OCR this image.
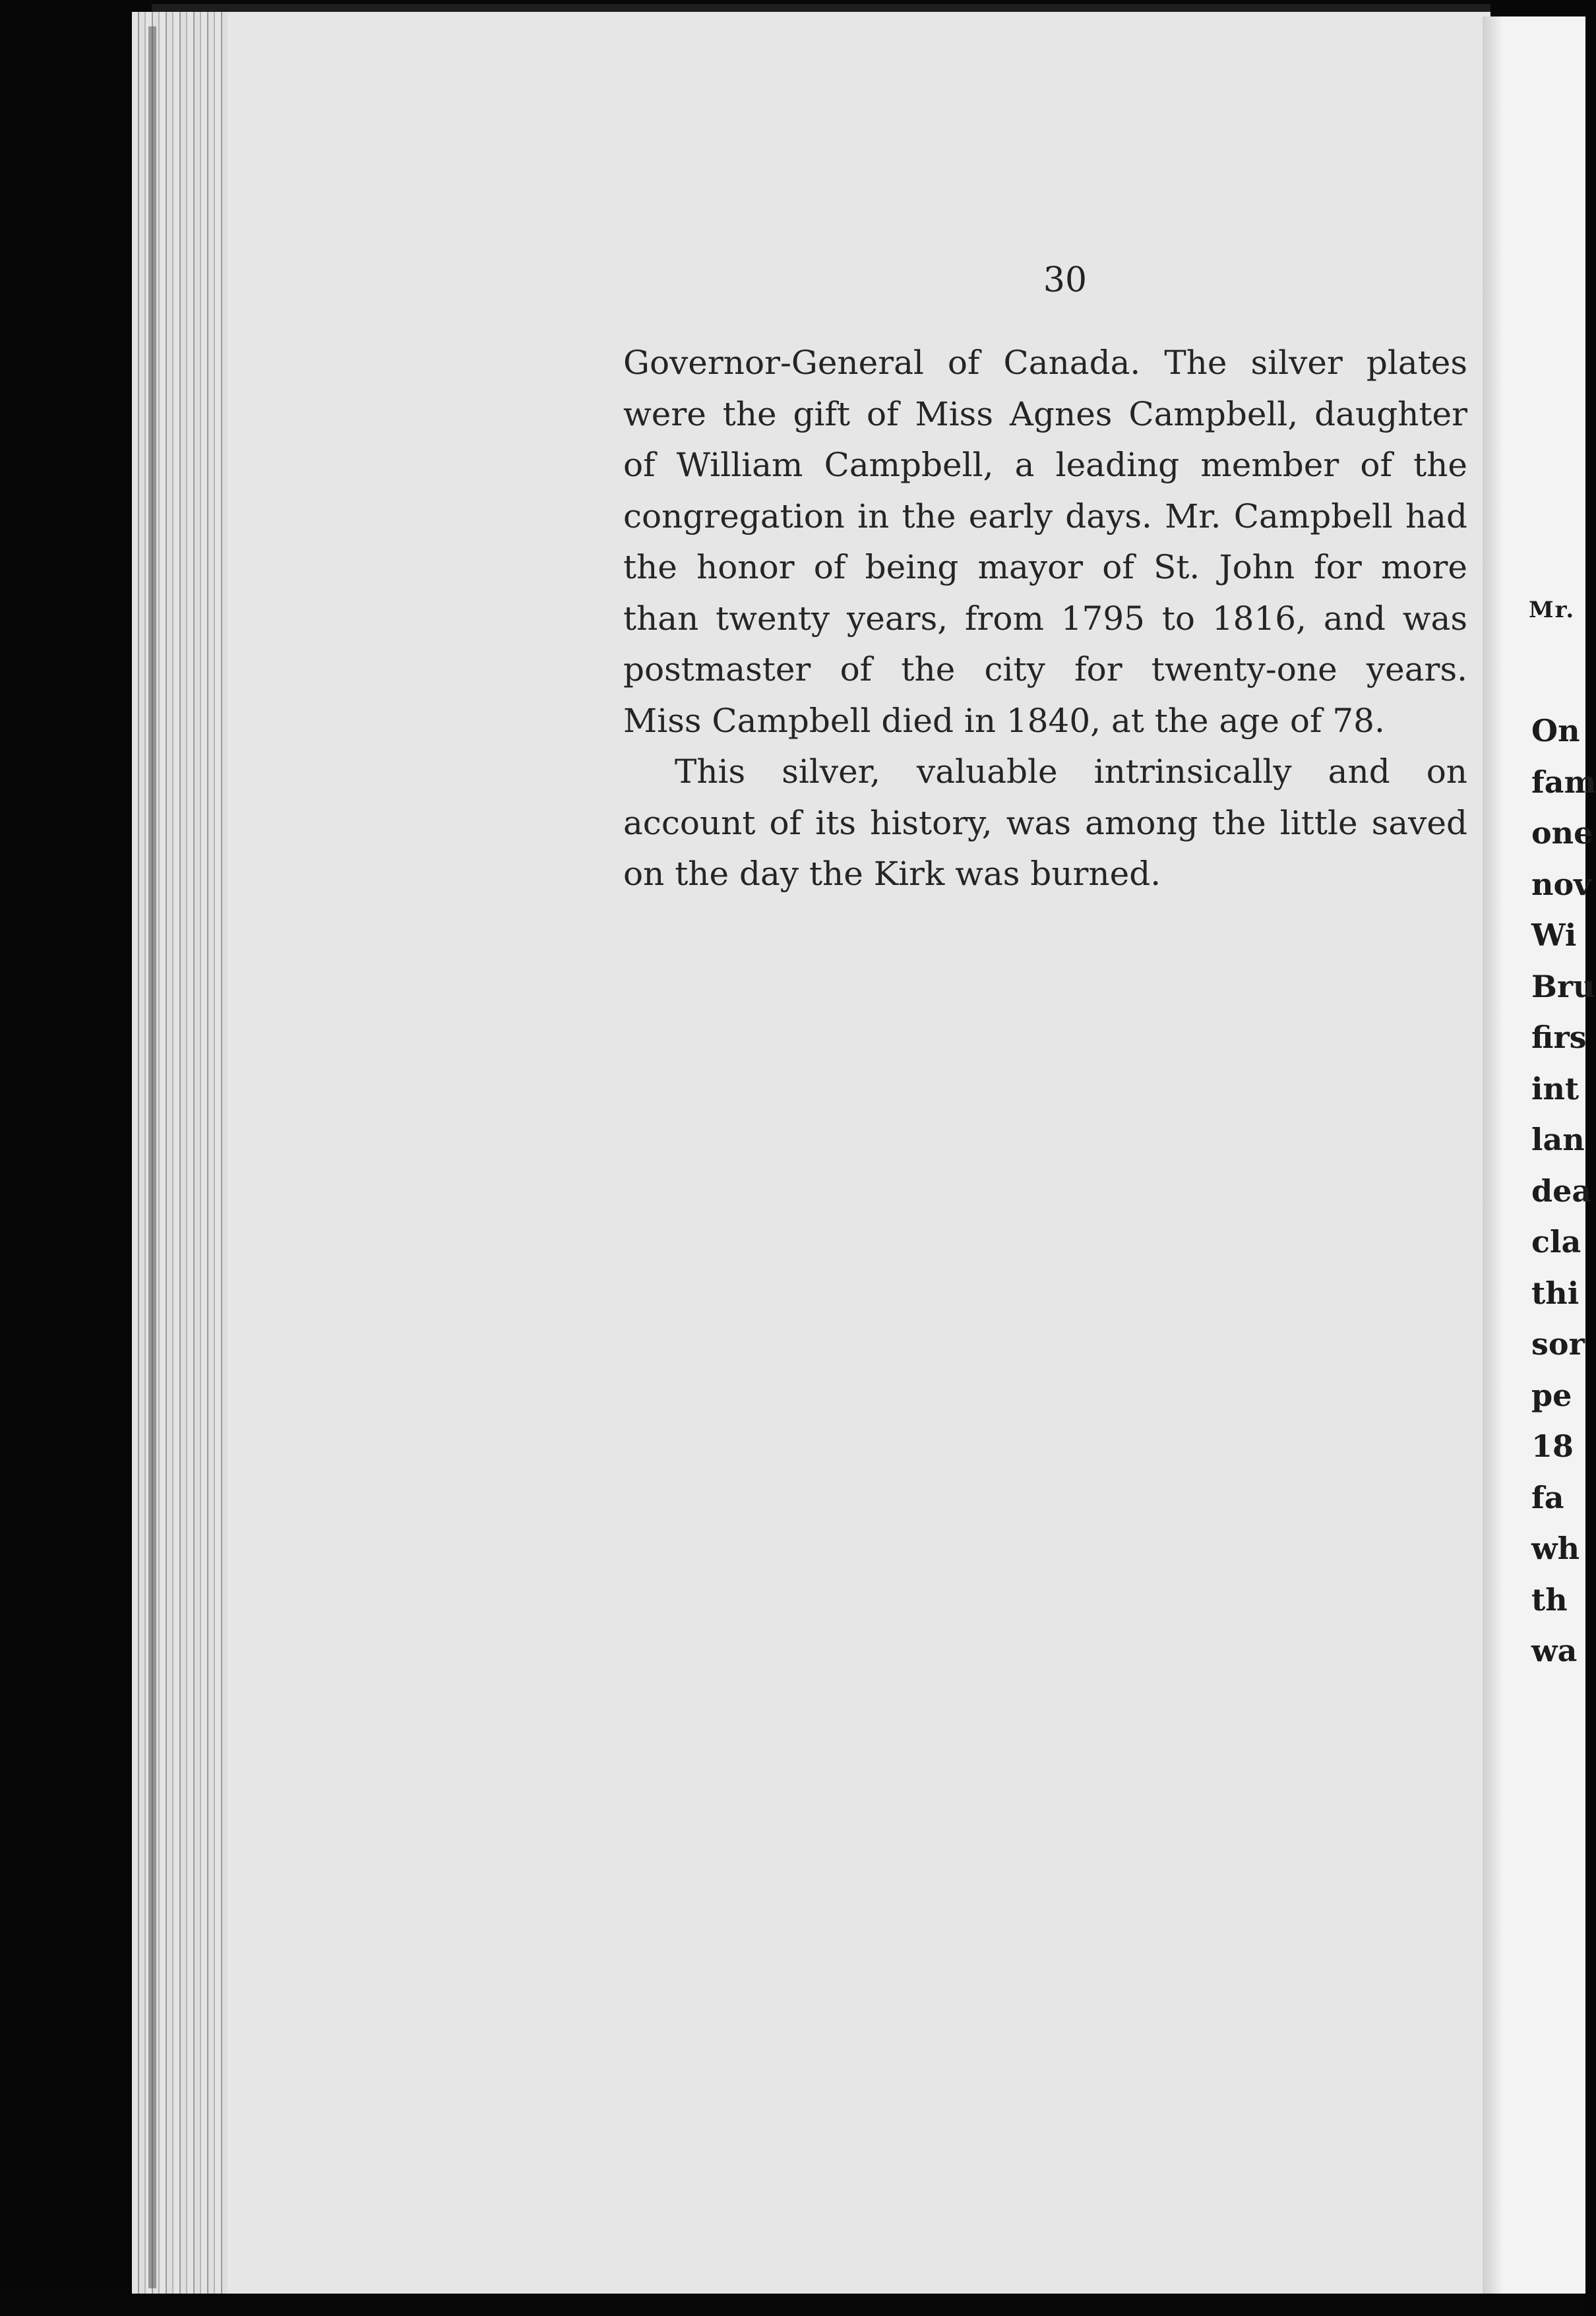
30

Governor-General of Canada. The silver plates
were the gift of Miss Agnes Campbell, daughter
of William Campbell, a leading member of the
congregation in the early days. Mr. Campbell had
the honor of being mayor of St. John for more
than twenty years, from 1795 to 1816, and was
postmaster of the city for twenty-one years.
Miss Campbell died in 1840, at the age of 78.

This silver, valuable intrinsically and on
account of its history, was among the little saved
on the day the Kirk was burned.

Mr.
On
fam
one
nov
Wi
Bru
firs
int
lan
dea
cla
thi
sor
pe
18
fa
wh
th
wa
